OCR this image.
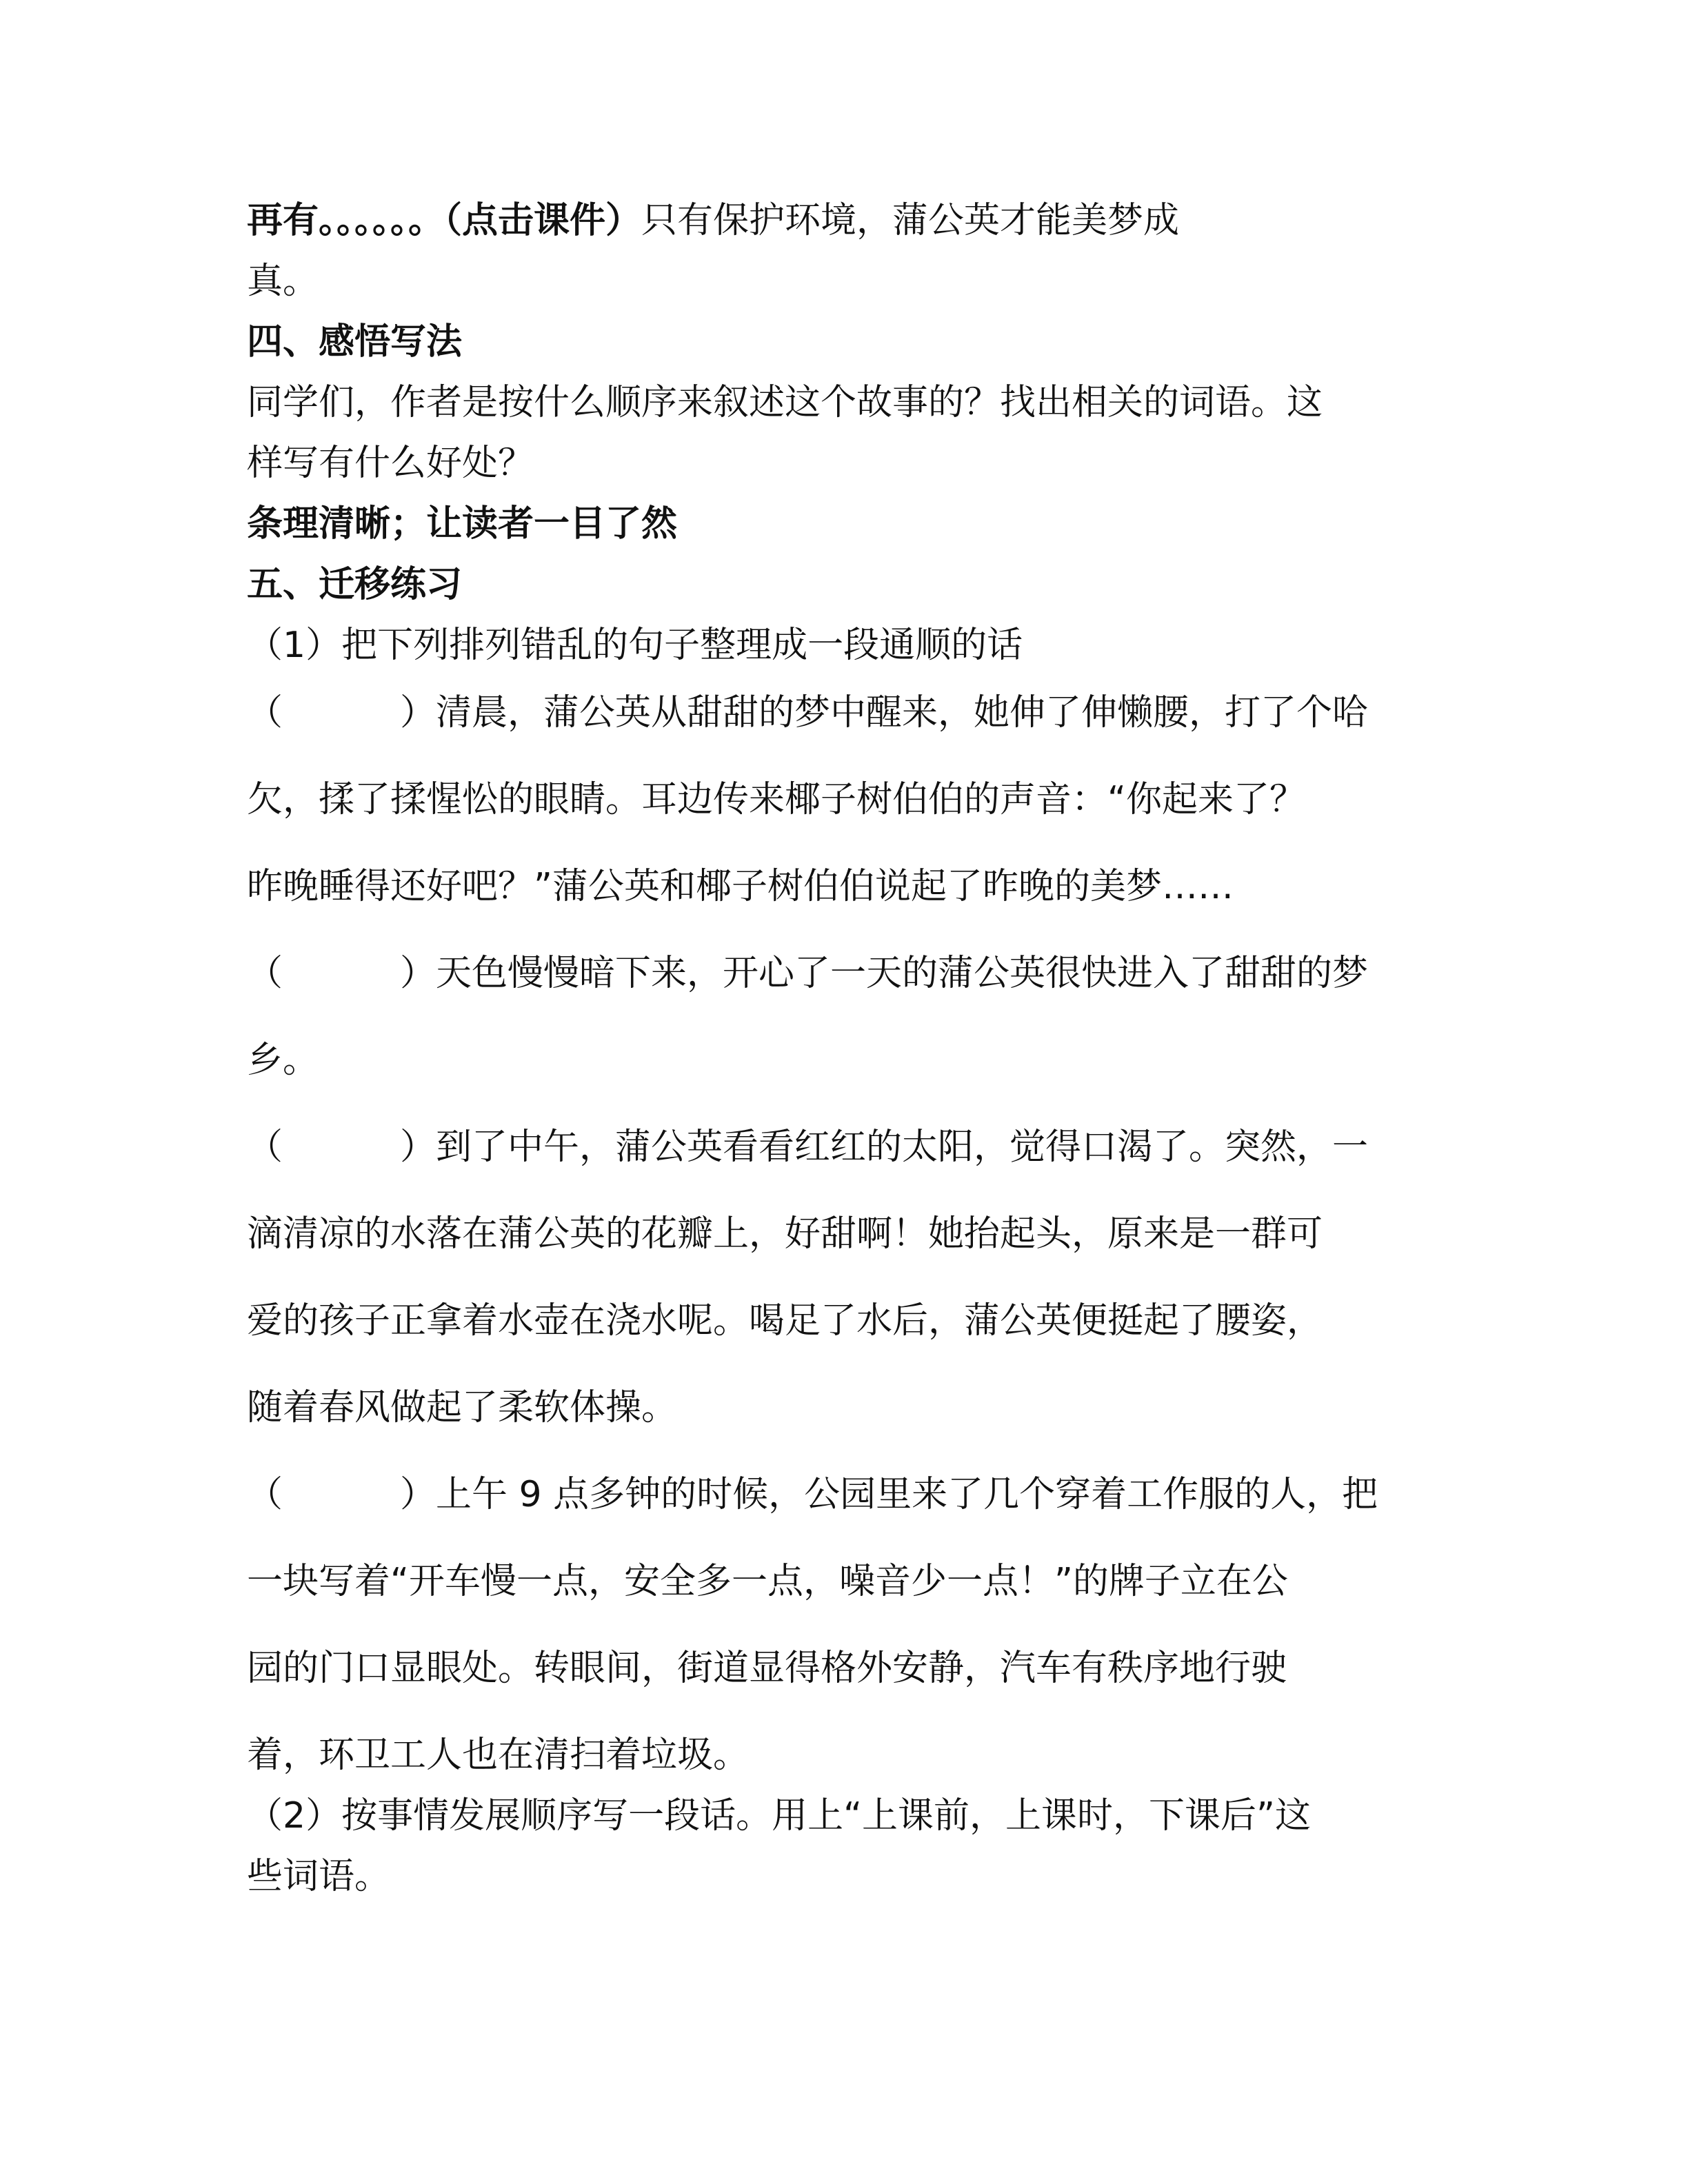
再有。。。。。。（点击课件）只有保护环境，蒲公英才能美梦成

真。

四、感悟写法

同学们，作者是按什么顺序来叙述这个故事的？找出相关的词语。这

样写有什么好处？

条理清晰；让读者一目了然

五、迁移练习

（1）把下列排列错乱的句子整理成一段通顺的话

（	）清晨，蒲公英从甜甜的梦中醒来，她伸了伸懒腰，打了个哈

欠，揉了揉惺忪的眼睛。耳边传来椰子树伯伯的声音：“你起来了？

昨晚睡得还好吧？”蒲公英和椰子树伯伯说起了昨晚的美梦……

（	）天色慢慢暗下来，开心了一天的蒲公英很快进入了甜甜的梦

乡。

（	）到了中午，蒲公英看看红红的太阳，觉得口渴了。突然，一

滴清凉的水落在蒲公英的花瓣上，好甜啊！她抬起头，原来是一群可

爱的孩子正拿着水壶在浇水呢。喝足了水后，蒲公英便挺起了腰姿，

随着春风做起了柔软体操。

（	）上午 9 点多钟的时候，公园里来了几个穿着工作服的人，把

一块写着“开车慢一点，安全多一点，噪音少一点！”的牌子立在公

园的门口显眼处。转眼间，街道显得格外安静，汽车有秩序地行驶

着，环卫工人也在清扫着垃圾。

（2）按事情发展顺序写一段话。用上“上课前，上课时，下课后”这

些词语。
